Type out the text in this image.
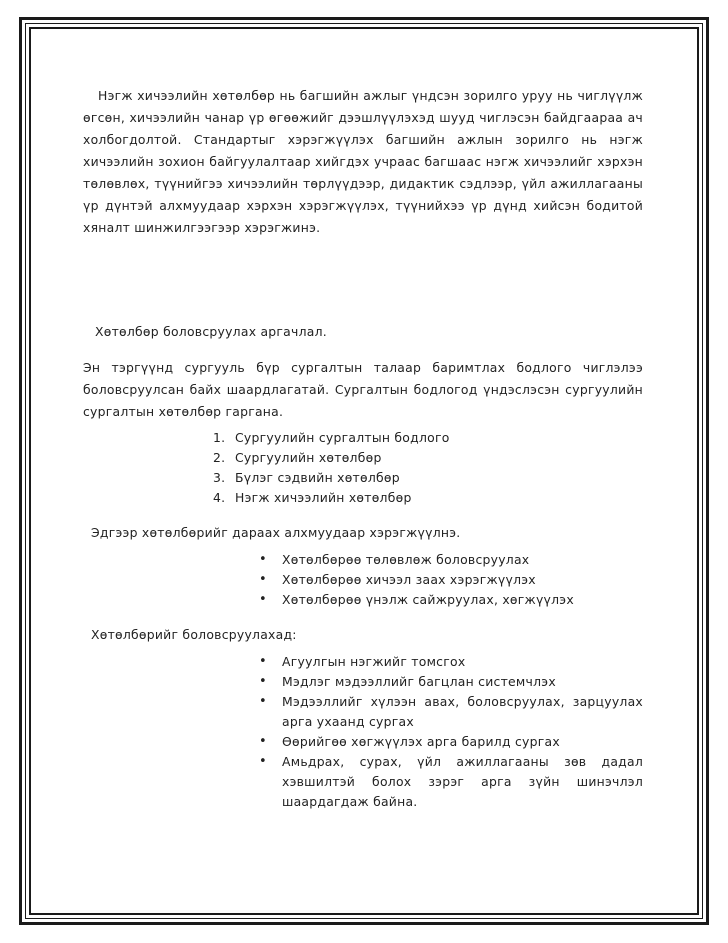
Нэгж хичээлийн хөтөлбөр нь багшийн ажлыг үндсэн зорилго уруу нь чиглүүлж өгсөн, хичээлийн чанар үр өгөөжийг дээшлүүлэхэд шууд чиглэсэн байдгаараа ач холбогдолтой. Стандартыг хэрэгжүүлэх багшийн ажлын зорилго нь нэгж хичээлийн зохион байгуулалтаар хийгдэх учраас багшаас нэгж хичээлийг хэрхэн төлөвлөх, түүнийгээ хичээлийн төрлүүдээр, дидактик сэдлээр, үйл ажиллагааны үр дүнтэй алхмуудаар хэрхэн хэрэгжүүлэх, түүнийхээ үр дүнд хийсэн бодитой хяналт шинжилгээгээр хэрэгжинэ.

Хөтөлбөр боловсруулах аргачлал.

Эн тэргүүнд сургууль бүр сургалтын талаар баримтлах бодлого чиглэлээ боловсруулсан байх шаардлагатай. Сургалтын бодлогод үндэслэсэн сургуулийн сургалтын хөтөлбөр гаргана.

1. Сургуулийн сургалтын бодлого
2. Сургуулийн хөтөлбөр
3. Бүлэг сэдвийн хөтөлбөр
4. Нэгж хичээлийн хөтөлбөр

Эдгээр хөтөлбөрийг дараах алхмуудаар хэрэгжүүлнэ.

• Хөтөлбөрөө төлөвлөж боловсруулах
• Хөтөлбөрөө хичээл заах хэрэгжүүлэх
• Хөтөлбөрөө үнэлж сайжруулах, хөгжүүлэх

Хөтөлбөрийг боловсруулахад:

• Агуулгын нэгжийг томсгох
• Мэдлэг мэдээллийг багцлан системчлэх
• Мэдээллийг хүлээн авах, боловсруулах, зарцуулах арга ухаанд сургах
• Өөрийгөө хөгжүүлэх арга барилд сургах
• Амьдрах, сурах, үйл ажиллагааны зөв дадал хэвшилтэй болох зэрэг арга зүйн шинэчлэл шаардагдаж байна.
